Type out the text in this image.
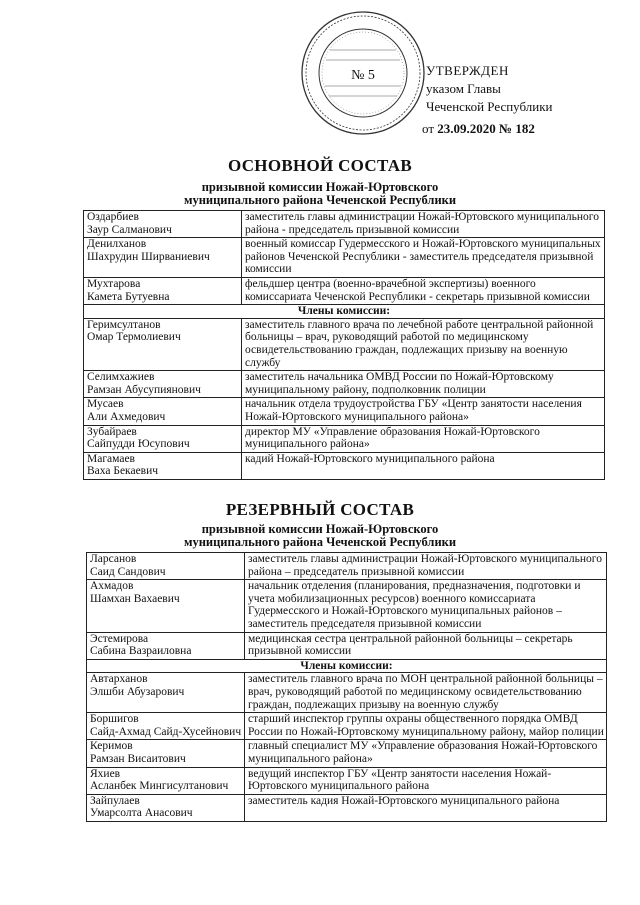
№ 5	УТВЕРЖДЕН
указом Главы
Чеченской Республики
от 23.09.2020 № 182
ОСНОВНОЙ СОСТАВ
призывной комиссии Ножай-Юртовского
муниципального района Чеченской Республики
Оздарбиев
Заур Салманович	заместитель главы администрации Ножай-Юртовского муниципального района - председатель призывной комиссии

Денилханов
Шахрудин Ширваниевич	военный комиссар Гудермесского и Ножай-Юртовского муниципальных районов Чеченской Республики - заместитель председателя призывной комиссии

Мухтарова
Камета Бутуевна	фельдшер центра (военно-врачебной экспертизы) военного комиссариата Чеченской Республики - секретарь призывной комиссии
Члены комиссии:	

Геримсултанов
Омар Термолиевич	заместитель главного врача по лечебной работе центральной районной больницы – врач, руководящий работой по медицинскому освидетельствованию граждан, подлежащих призыву на военную службу

Селимхажиев
Рамзан Абусупиянович	заместитель начальника ОМВД России по Ножай-Юртовскому муниципальному району, подполковник полиции

Мусаев
Али Ахмедович	начальник отдела трудоустройства ГБУ «Центр занятости населения Ножай-Юртовского муниципального района»

Зубайраев
Сайпудди Юсупович	директор МУ «Управление образования Ножай-Юртовского муниципального района»

Магамаев
Ваха Бекаевич	кадий Ножай-Юртовского муниципального района
РЕЗЕРВНЫЙ СОСТАВ
призывной комиссии Ножай-Юртовского
муниципального района Чеченской Республики
Ларсанов
Саид Сандович	заместитель главы администрации Ножай-Юртовского муниципального района – председатель призывной комиссии

Ахмадов
Шамхан Вахаевич	начальник отделения (планирования, предназначения, подготовки и учета мобилизационных ресурсов) военного комиссариата Гудермесского и Ножай-Юртовского муниципальных районов – заместитель председателя призывной комиссии

Эстемирова
Сабина Вазраиловна	медицинская сестра центральной районной больницы – секретарь призывной комиссии
Члены комиссии:	

Автарханов
Элшби Абузарович	заместитель главного врача по МОН центральной районной больницы – врач, руководящий работой по медицинскому освидетельствованию граждан, подлежащих призыву на военную службу

Боршигов
Сайд-Ахмад Сайд-Хусейнович	старший инспектор группы охраны общественного порядка ОМВД России по Ножай-Юртовскому муниципальному району, майор полиции

Керимов
Рамзан Висаитович	главный специалист МУ «Управление образования Ножай-Юртовского муниципального района»

Яхиев
Асланбек Мингисултанович	ведущий инспектор ГБУ «Центр занятости населения Ножай-Юртовского муниципального района

Зайпулаев
Умарсолта Анасович	заместитель кадия Ножай-Юртовского муниципального района
